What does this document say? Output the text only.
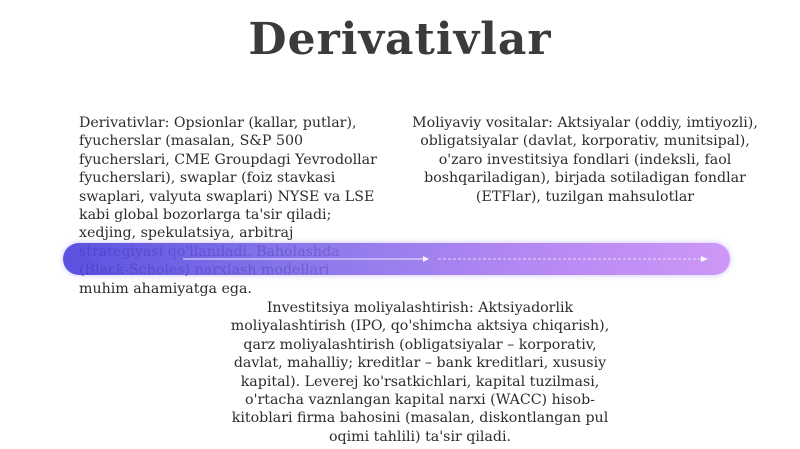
Derivativlar
Derivativlar: Opsionlar (kallar, putlar), fyucherslar (masalan, S&P 500 fyucherslari, CME Groupdagi Yevrodollar fyucherslari), swaplar (foiz stavkasi swaplari, valyuta swaplari) NYSE va LSE kabi global bozorlarga ta'sir qiladi; xedjing, spekulatsiya, arbitraj muhim ahamiyatga ega.
Moliyaviy vositalar: Aktsiyalar (oddiy, imtiyozli), obligatsiyalar (davlat, korporativ, munitsipal), o'zaro investitsiya fondlari (indeksli, faol boshqariladigan), birjada sotiladigan fondlar (ETFlar), tuzilgan mahsulotlar
Investitsiya moliyalashtirish: Aktsiyadorlik moliyalashtirish (IPO, qo'shimcha aktsiya chiqarish), qarz moliyalashtirish (obligatsiyalar – korporativ, davlat, mahalliy; kreditlar – bank kreditlari, xususiy kapital). Leverej ko'rsatkichlari, kapital tuzilmasi, o'rtacha vaznlangan kapital narxi (WACC) hisob-kitoblari firma bahosini (masalan, diskontlangan pul oqimi tahlili) ta'sir qiladi.
